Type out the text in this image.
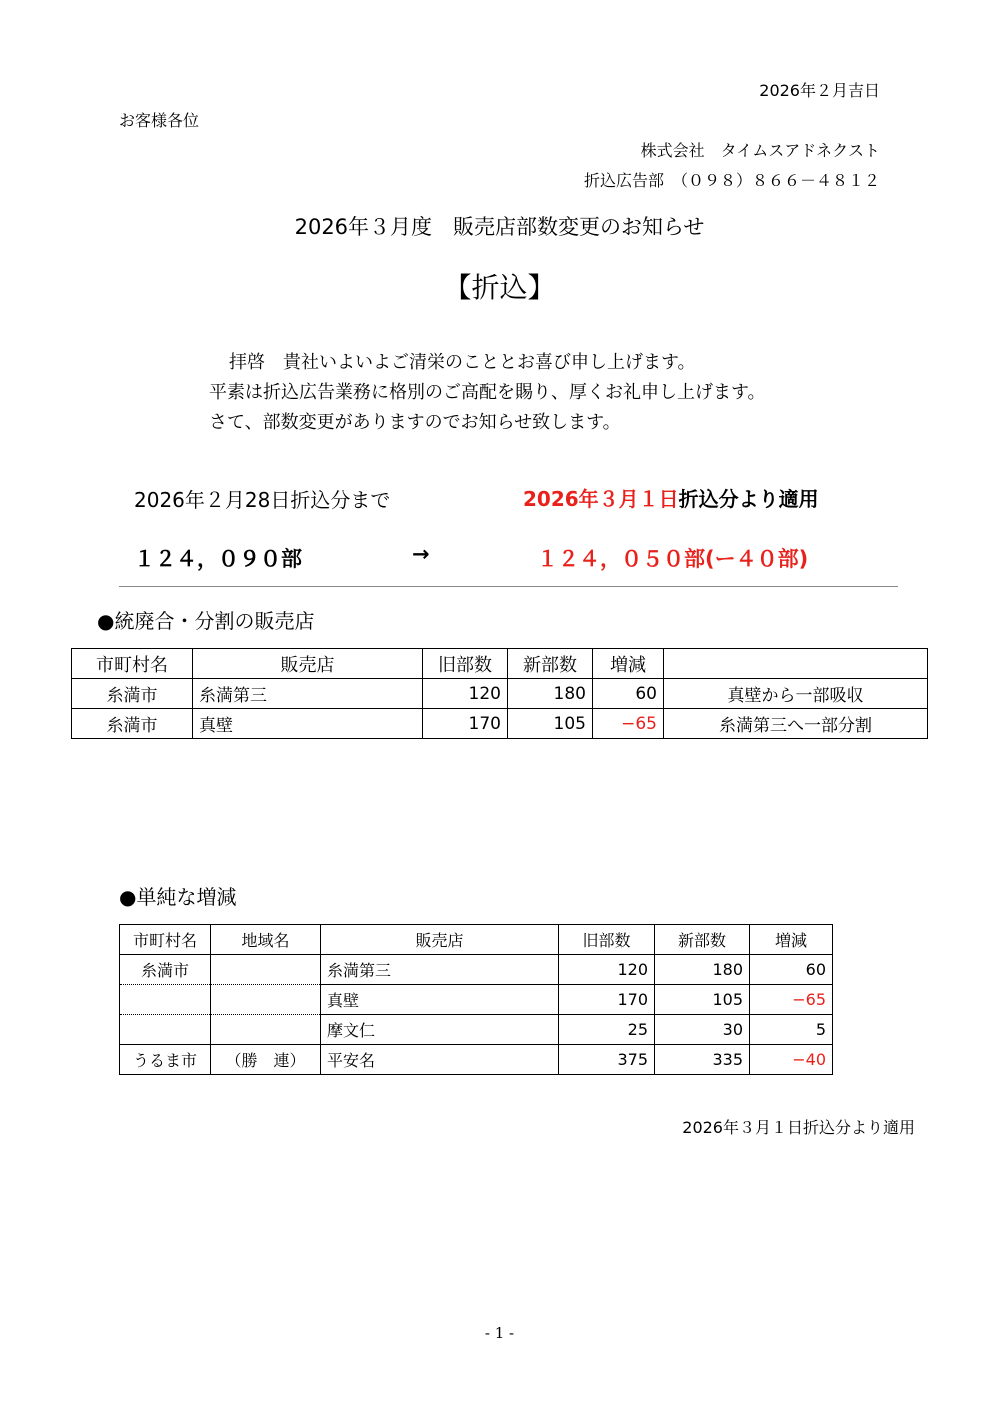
2026年２月吉日
お客様各位
株式会社　タイムスアドネクスト
折込広告部　（０９８）８６６－４８１２
2026年３月度　販売店部数変更のお知らせ
【折込】
拝啓　貴社いよいよご清栄のこととお喜び申し上げます。
平素は折込広告業務に格別のご高配を賜り、厚くお礼申し上げます。
さて、部数変更がありますのでお知らせ致します。
2026年２月28日折込分まで	2026年３月１日折込分より適用
１２４，０９０部	→	１２４，０５０部(ー４０部)
●統廃合・分割の販売店
市町村名	販売店	旧部数	新部数	増減	
糸満市	糸満第三	120	180	60	真壁から一部吸収
糸満市	真壁	170	105	−65	糸満第三へ一部分割
●単純な増減
市町村名	地域名	販売店	旧部数	新部数	増減
糸満市		糸満第三	120	180	60
		真壁	170	105	−65
		摩文仁	25	30	5
うるま市	（勝　連）	平安名	375	335	−40
2026年３月１日折込分より適用
- 1 -
